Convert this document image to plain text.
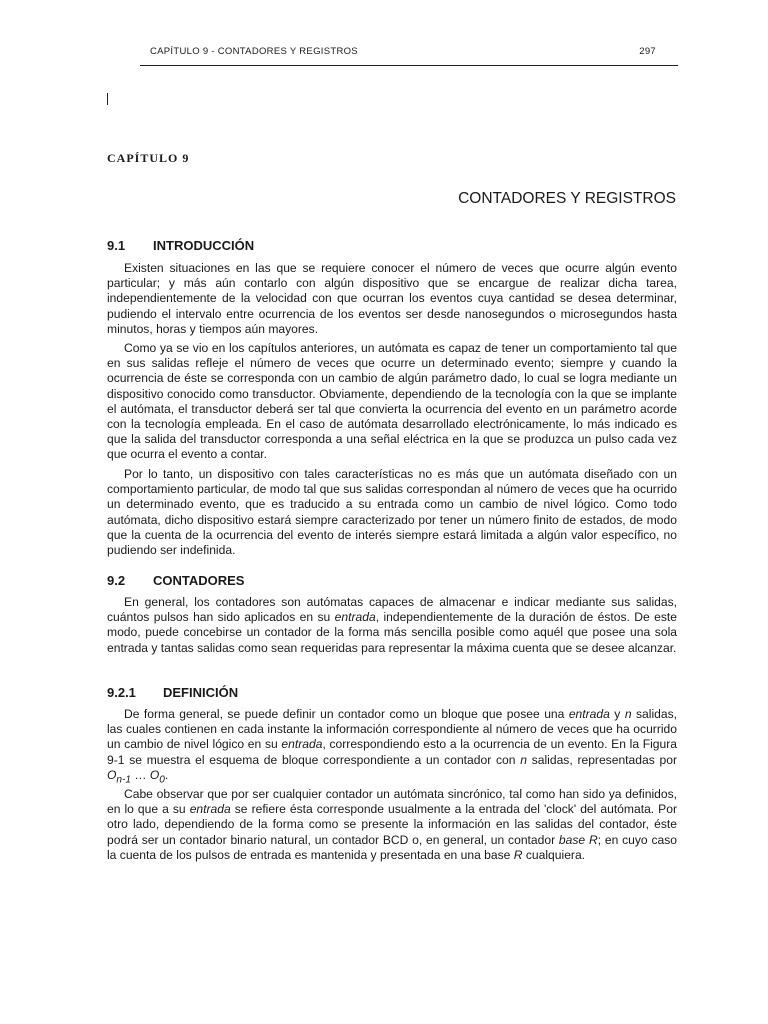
CAPÍTULO 9 - CONTADORES Y REGISTROS	297
CAPÍTULO 9
CONTADORES Y REGISTROS
9.1 INTRODUCCIÓN

Existen situaciones en las que se requiere conocer el número de veces que ocurre algún evento particular; y más aún contarlo con algún dispositivo que se encargue de realizar dicha tarea, independientemente de la velocidad con que ocurran los eventos cuya cantidad se desea determinar, pudiendo el intervalo entre ocurrencia de los eventos ser desde nanosegundos o microsegundos hasta minutos, horas y tiempos aún mayores.

Como ya se vio en los capítulos anteriores, un autómata es capaz de tener un comportamiento tal que en sus salidas refleje el número de veces que ocurre un determinado evento; siempre y cuando la ocurrencia de éste se corresponda con un cambio de algún parámetro dado, lo cual se logra mediante un dispositivo conocido como transductor. Obviamente, dependiendo de la tecnología con la que se implante el autómata, el transductor deberá ser tal que convierta la ocurrencia del evento en un parámetro acorde con la tecnología empleada. En el caso de autómata desarrollado electrónicamente, lo más indicado es que la salida del transductor corresponda a una señal eléctrica en la que se produzca un pulso cada vez que ocurra el evento a contar.

Por lo tanto, un dispositivo con tales características no es más que un autómata diseñado con un comportamiento particular, de modo tal que sus salidas correspondan al número de veces que ha ocurrido un determinado evento, que es traducido a su entrada como un cambio de nivel lógico. Como todo autómata, dicho dispositivo estará siempre caracterizado por tener un número finito de estados, de modo que la cuenta de la ocurrencia del evento de interés siempre estará limitada a algún valor específico, no pudiendo ser indefinida.

9.2 CONTADORES

En general, los contadores son autómatas capaces de almacenar e indicar mediante sus salidas, cuántos pulsos han sido aplicados en su entrada, independientemente de la duración de éstos. De este modo, puede concebirse un contador de la forma más sencilla posible como aquél que posee una sola entrada y tantas salidas como sean requeridas para representar la máxima cuenta que se desee alcanzar.

9.2.1 DEFINICIÓN

De forma general, se puede definir un contador como un bloque que posee una entrada y n salidas, las cuales contienen en cada instante la información correspondiente al número de veces que ha ocurrido un cambio de nivel lógico en su entrada, correspondiendo esto a la ocurrencia de un evento. En la Figura 9-1 se muestra el esquema de bloque correspondiente a un contador con n salidas, representadas por $O_{n-1}$ … $O_0$.

Cabe observar que por ser cualquier contador un autómata sincrónico, tal como han sido ya definidos, en lo que a su entrada se refiere ésta corresponde usualmente a la entrada del 'clock' del autómata. Por otro lado, dependiendo de la forma como se presente la información en las salidas del contador, éste podrá ser un contador binario natural, un contador BCD o, en general, un contador base R; en cuyo caso la cuenta de los pulsos de entrada es mantenida y presentada en una base R cualquiera.
